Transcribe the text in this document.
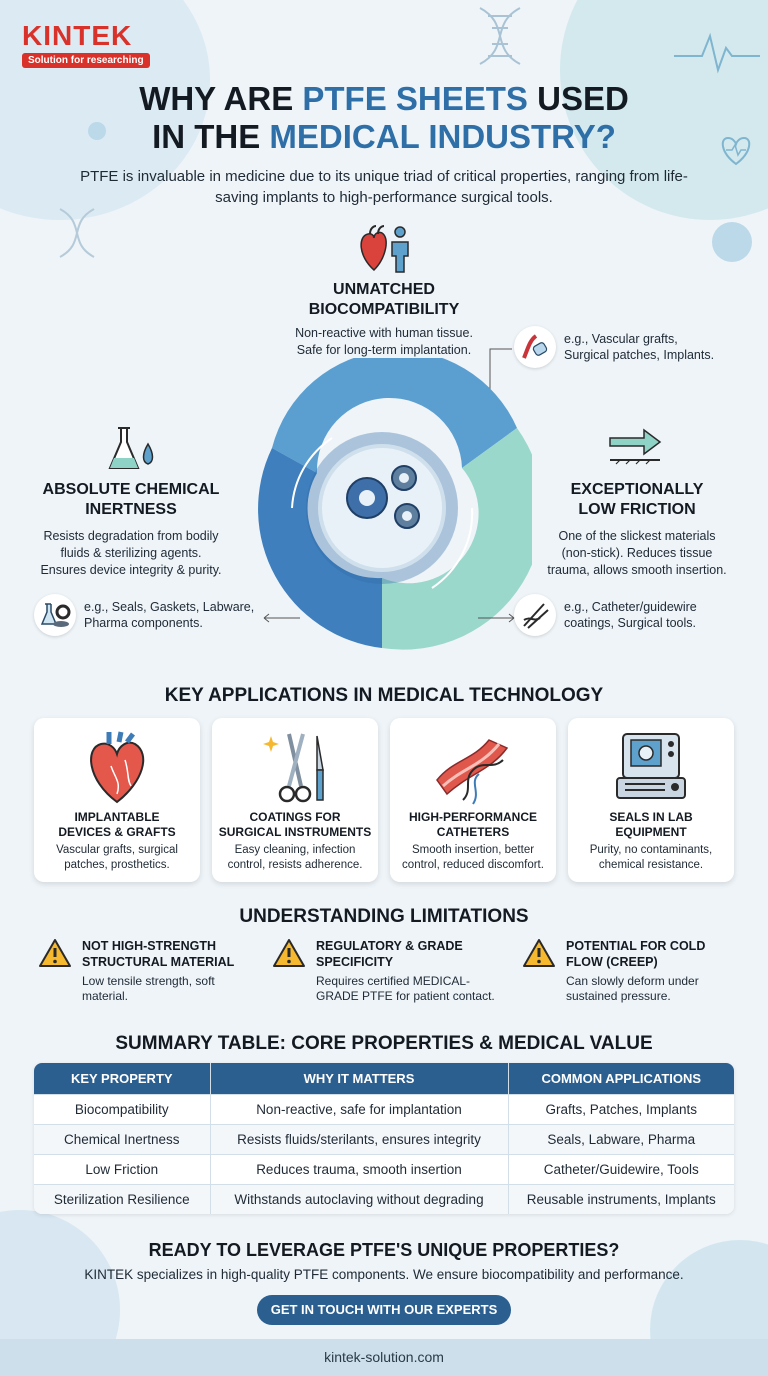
KINTEK
Solution for researching
WHY ARE PTFE SHEETS USED
IN THE MEDICAL INDUSTRY?
PTFE is invaluable in medicine due to its unique triad of critical properties, ranging from life-saving implants to high-performance surgical tools.
UNMATCHED
BIOCOMPATIBILITY
Non-reactive with human tissue.
Safe for long-term implantation.
e.g., Vascular grafts,
Surgical patches, Implants.
ABSOLUTE CHEMICAL
INERTNESS
Resists degradation from bodily
fluids & sterilizing agents.
Ensures device integrity & purity.
e.g., Seals, Gaskets, Labware,
Pharma components.
EXCEPTIONALLY
LOW FRICTION
One of the slickest materials
(non-stick). Reduces tissue
trauma, allows smooth insertion.
e.g., Catheter/guidewire
coatings, Surgical tools.
KEY APPLICATIONS IN MEDICAL TECHNOLOGY
IMPLANTABLE
DEVICES & GRAFTS
Vascular grafts, surgical
patches, prosthetics.
COATINGS FOR
SURGICAL INSTRUMENTS
Easy cleaning, infection
control, resists adherence.
HIGH-PERFORMANCE
CATHETERS
Smooth insertion, better
control, reduced discomfort.
SEALS IN LAB
EQUIPMENT
Purity, no contaminants,
chemical resistance.
UNDERSTANDING LIMITATIONS
NOT HIGH-STRENGTH
STRUCTURAL MATERIAL
Low tensile strength, soft
material.
REGULATORY & GRADE
SPECIFICITY
Requires certified MEDICAL-
GRADE PTFE for patient contact.
POTENTIAL FOR COLD
FLOW (CREEP)
Can slowly deform under
sustained pressure.
SUMMARY TABLE: CORE PROPERTIES & MEDICAL VALUE
KEY PROPERTY	WHY IT MATTERS	COMMON APPLICATIONS
Biocompatibility	Non-reactive, safe for implantation	Grafts, Patches, Implants
Chemical Inertness	Resists fluids/sterilants, ensures integrity	Seals, Labware, Pharma
Low Friction	Reduces trauma, smooth insertion	Catheter/Guidewire, Tools
Sterilization Resilience	Withstands autoclaving without degrading	Reusable instruments, Implants
READY TO LEVERAGE PTFE'S UNIQUE PROPERTIES?
KINTEK specializes in high-quality PTFE components. We ensure biocompatibility and performance.
GET IN TOUCH WITH OUR EXPERTS
kintek-solution.com
